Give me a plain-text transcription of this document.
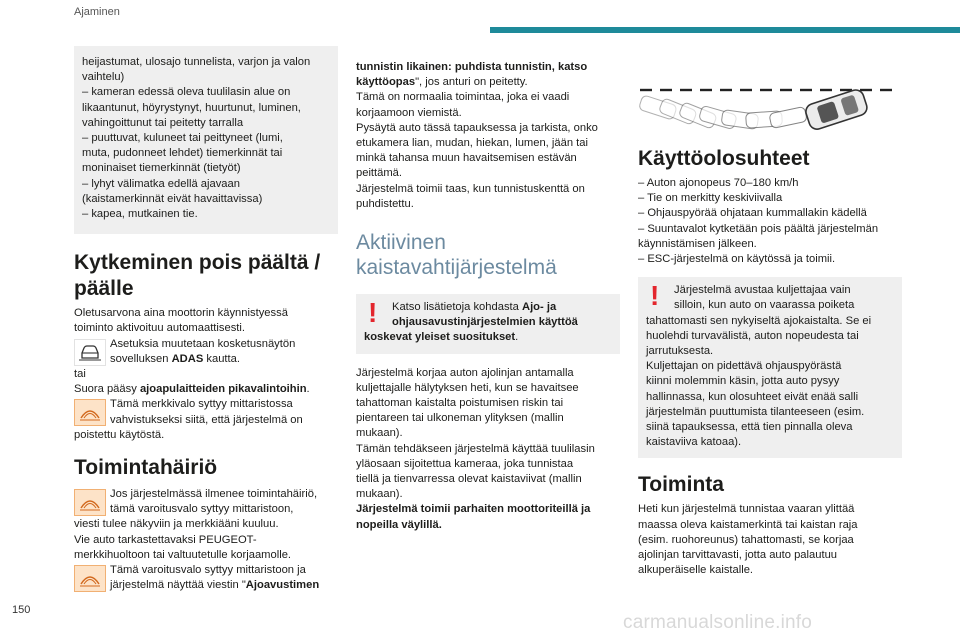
Ajaminen
heijastumat, ulosajo tunnelista, varjon ja valon
vaihtelu)
– kameran edessä oleva tuulilasin alue on
likaantunut, höyrystynyt, huurtunut, luminen,
vahingoittunut tai peitetty tarralla
– puuttuvat, kuluneet tai peittyneet (lumi,
muta, pudonneet lehdet) tiemerkinnät tai
moninaiset tiemerkinnät (tietyöt)
– lyhyt välimatka edellä ajavaan
(kaistamerkinnät eivät havaittavissa)
– kapea, mutkainen tie.
Kytkeminen pois päältä /
päälle
Oletusarvona aina moottorin käynnistyessä
toiminto aktivoituu automaattisesti.
Asetuksia muutetaan kosketusnäytön
sovelluksen ADAS kautta.
tai
Suora pääsy ajoapulaitteiden pikavalintoihin.
Tämä merkkivalo syttyy mittaristossa
vahvistukseksi siitä, että järjestelmä on
poistettu käytöstä.
Toimintahäiriö
Jos järjestelmässä ilmenee toimintahäiriö,
tämä varoitusvalo syttyy mittaristoon,
viesti tulee näkyviin ja merkkiääni kuuluu.
Vie auto tarkastettavaksi PEUGEOT-
merkkihuoltoon tai valtuutetulle korjaamolle.
Tämä varoitusvalo syttyy mittaristoon ja
järjestelmä näyttää viestin "Ajoavustimen
tunnistin likainen: puhdista tunnistin, katso
käyttöopas", jos anturi on peitetty.
Tämä on normaalia toimintaa, joka ei vaadi
korjaamoon viemistä.
Pysäytä auto tässä tapauksessa ja tarkista, onko
etukamera lian, mudan, hiekan, lumen, jään tai
minkä tahansa muun havaitsemisen estävän
peittämä.
Järjestelmä toimii taas, kun tunnistuskenttä on
puhdistettu.
Aktiivinen
kaistavahtijärjestelmä
!	Katso lisätietoja kohdasta Ajo- ja
ohjausavustinjärjestelmien käyttöä
koskevat yleiset suositukset.
Järjestelmä korjaa auton ajolinjan antamalla
kuljettajalle hälytyksen heti, kun se havaitsee
tahattoman kaistalta poistumisen riskin tai
pientareen tai ulkoneman ylityksen (mallin
mukaan).
Tämän tehdäkseen järjestelmä käyttää tuulilasin
yläosaan sijoitettua kameraa, joka tunnistaa
tiellä ja tienvarressa olevat kaistaviivat (mallin
mukaan).
Järjestelmä toimii parhaiten moottoriteillä ja
nopeilla väylillä.
Käyttöolosuhteet
– Auton ajonopeus 70–180 km/h
– Tie on merkitty keskiviivalla
– Ohjauspyörää ohjataan kummallakin kädellä
– Suuntavalot kytketään pois päältä järjestelmän
käynnistämisen jälkeen.
– ESC-järjestelmä on käytössä ja toimii.
!	Järjestelmä avustaa kuljettajaa vain
silloin, kun auto on vaarassa poiketa
tahattomasti sen nykyiseltä ajokaistalta. Se ei
huolehdi turvavälistä, auton nopeudesta tai
jarrutuksesta.
Kuljettajan on pidettävä ohjauspyörästä
kiinni molemmin käsin, jotta auto pysyy
hallinnassa, kun olosuhteet eivät enää salli
järjestelmän puuttumista tilanteeseen (esim.
siinä tapauksessa, että tien pinnalla oleva
kaistaviiva katoaa).
Toiminta
Heti kun järjestelmä tunnistaa vaaran ylittää
maassa oleva kaistamerkintä tai kaistan raja
(esim. ruohoreunus) tahattomasti, se korjaa
ajolinjan tarvittavasti, jotta auto palautuu
alkuperäiselle kaistalle.
150
carmanualsonline.info
